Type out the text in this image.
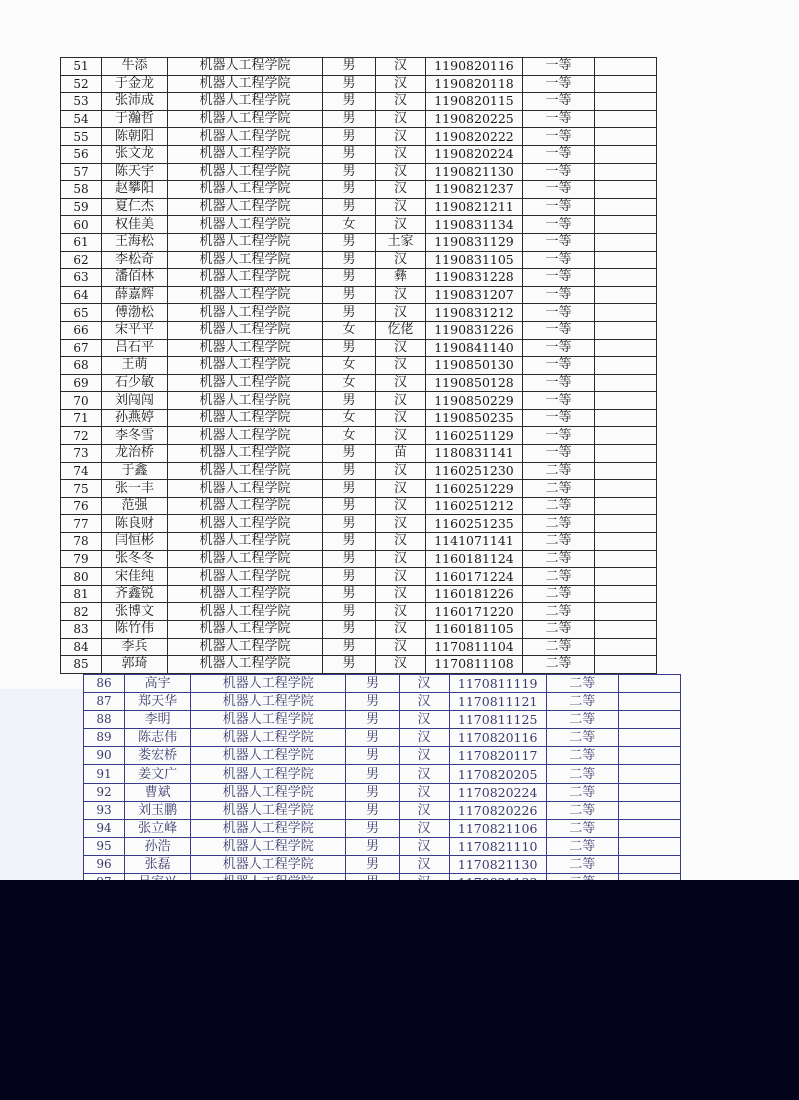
51	牛添	机器人工程学院	男	汉	1190820116	一等	
52	于金龙	机器人工程学院	男	汉	1190820118	一等	
53	张沛成	机器人工程学院	男	汉	1190820115	一等	
54	于瀚哲	机器人工程学院	男	汉	1190820225	一等	
55	陈朝阳	机器人工程学院	男	汉	1190820222	一等	
56	张文龙	机器人工程学院	男	汉	1190820224	一等	
57	陈天宇	机器人工程学院	男	汉	1190821130	一等	
58	赵攀阳	机器人工程学院	男	汉	1190821237	一等	
59	夏仁杰	机器人工程学院	男	汉	1190821211	一等	
60	权佳美	机器人工程学院	女	汉	1190831134	一等	
61	王海松	机器人工程学院	男	土家	1190831129	一等	
62	李松奇	机器人工程学院	男	汉	1190831105	一等	
63	潘佰林	机器人工程学院	男	彝	1190831228	一等	
64	薛嘉辉	机器人工程学院	男	汉	1190831207	一等	
65	傅渤松	机器人工程学院	男	汉	1190831212	一等	
66	宋平平	机器人工程学院	女	仡佬	1190831226	一等	
67	吕石平	机器人工程学院	男	汉	1190841140	一等	
68	王萌	机器人工程学院	女	汉	1190850130	一等	
69	石少敏	机器人工程学院	女	汉	1190850128	一等	
70	刘闯闯	机器人工程学院	男	汉	1190850229	一等	
71	孙燕婷	机器人工程学院	女	汉	1190850235	一等	
72	李冬雪	机器人工程学院	女	汉	1160251129	一等	
73	龙治桥	机器人工程学院	男	苗	1180831141	一等	
74	于鑫	机器人工程学院	男	汉	1160251230	二等	
75	张一丰	机器人工程学院	男	汉	1160251229	二等	
76	范强	机器人工程学院	男	汉	1160251212	二等	
77	陈良财	机器人工程学院	男	汉	1160251235	二等	
78	闫恒彬	机器人工程学院	男	汉	1141071141	二等	
79	张冬冬	机器人工程学院	男	汉	1160181124	二等	
80	宋佳纯	机器人工程学院	男	汉	1160171224	二等	
81	齐鑫锐	机器人工程学院	男	汉	1160181226	二等	
82	张博文	机器人工程学院	男	汉	1160171220	二等	
83	陈竹伟	机器人工程学院	男	汉	1160181105	二等	
84	李兵	机器人工程学院	男	汉	1170811104	二等	
85	郭琦	机器人工程学院	男	汉	1170811108	二等	
86	高宇	机器人工程学院	男	汉	1170811119	二等	
87	郑天华	机器人工程学院	男	汉	1170811121	二等	
88	李明	机器人工程学院	男	汉	1170811125	二等	
89	陈志伟	机器人工程学院	男	汉	1170820116	二等	
90	娄宏桥	机器人工程学院	男	汉	1170820117	二等	
91	姜文广	机器人工程学院	男	汉	1170820205	二等	
92	曹斌	机器人工程学院	男	汉	1170820224	二等	
93	刘玉鹏	机器人工程学院	男	汉	1170820226	二等	
94	张立峰	机器人工程学院	男	汉	1170821106	二等	
95	孙浩	机器人工程学院	男	汉	1170821110	二等	
96	张磊	机器人工程学院	男	汉	1170821130	二等	
